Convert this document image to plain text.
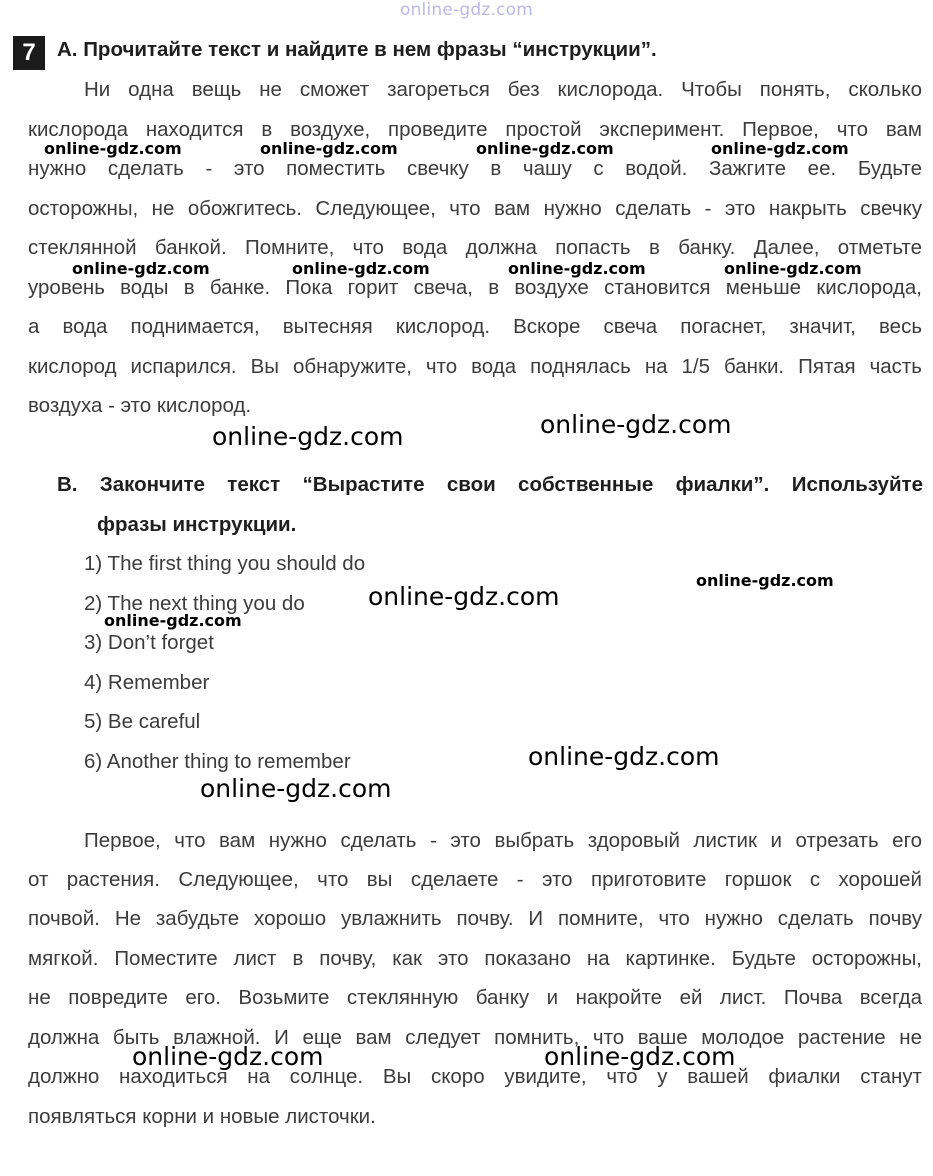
online-gdz.com
7	А. Прочитайте текст и найдите в нем фразы “инструкции”.
Ни одна вещь не сможет загореться без кислорода. Чтобы понять, сколько
кислорода находится в воздухе, проведите простой эксперимент. Первое, что вам
нужно сделать - это поместить свечку в чашу с водой. Зажгите ее. Будьте
осторожны, не обожгитесь. Следующее, что вам нужно сделать - это накрыть свечку
стеклянной банкой. Помните, что вода должна попасть в банку. Далее, отметьте
уровень воды в банке. Пока горит свеча, в воздухе становится меньше кислорода,
а вода поднимается, вытесняя кислород. Вскоре свеча погаснет, значит, весь
кислород испарился. Вы обнаружите, что вода поднялась на 1/5 банки. Пятая часть
воздуха - это кислород.
B. Закончите текст “Вырастите свои собственные фиалки”. Используйте
фразы инструкции.
1) The first thing you should do
2) The next thing you do
3) Don’t forget
4) Remember
5) Be careful
6) Another thing to remember
Первое, что вам нужно сделать - это выбрать здоровый листик и отрезать его
от растения. Следующее, что вы сделаете - это приготовите горшок с хорошей
почвой. Не забудьте хорошо увлажнить почву. И помните, что нужно сделать почву
мягкой. Поместите лист в почву, как это показано на картинке. Будьте осторожны,
не повредите его. Возьмите стеклянную банку и накройте ей лист. Почва всегда
должна быть влажной. И еще вам следует помнить, что ваше молодое растение не
должно находиться на солнце. Вы скоро увидите, что у вашей фиалки станут
появляться корни и новые листочки.
online-gdz.com	online-gdz.com	online-gdz.com	online-gdz.com
online-gdz.com	online-gdz.com	online-gdz.com	online-gdz.com
online-gdz.com
online-gdz.com
online-gdz.com	online-gdz.com
online-gdz.com
online-gdz.com
online-gdz.com
online-gdz.com	online-gdz.com
